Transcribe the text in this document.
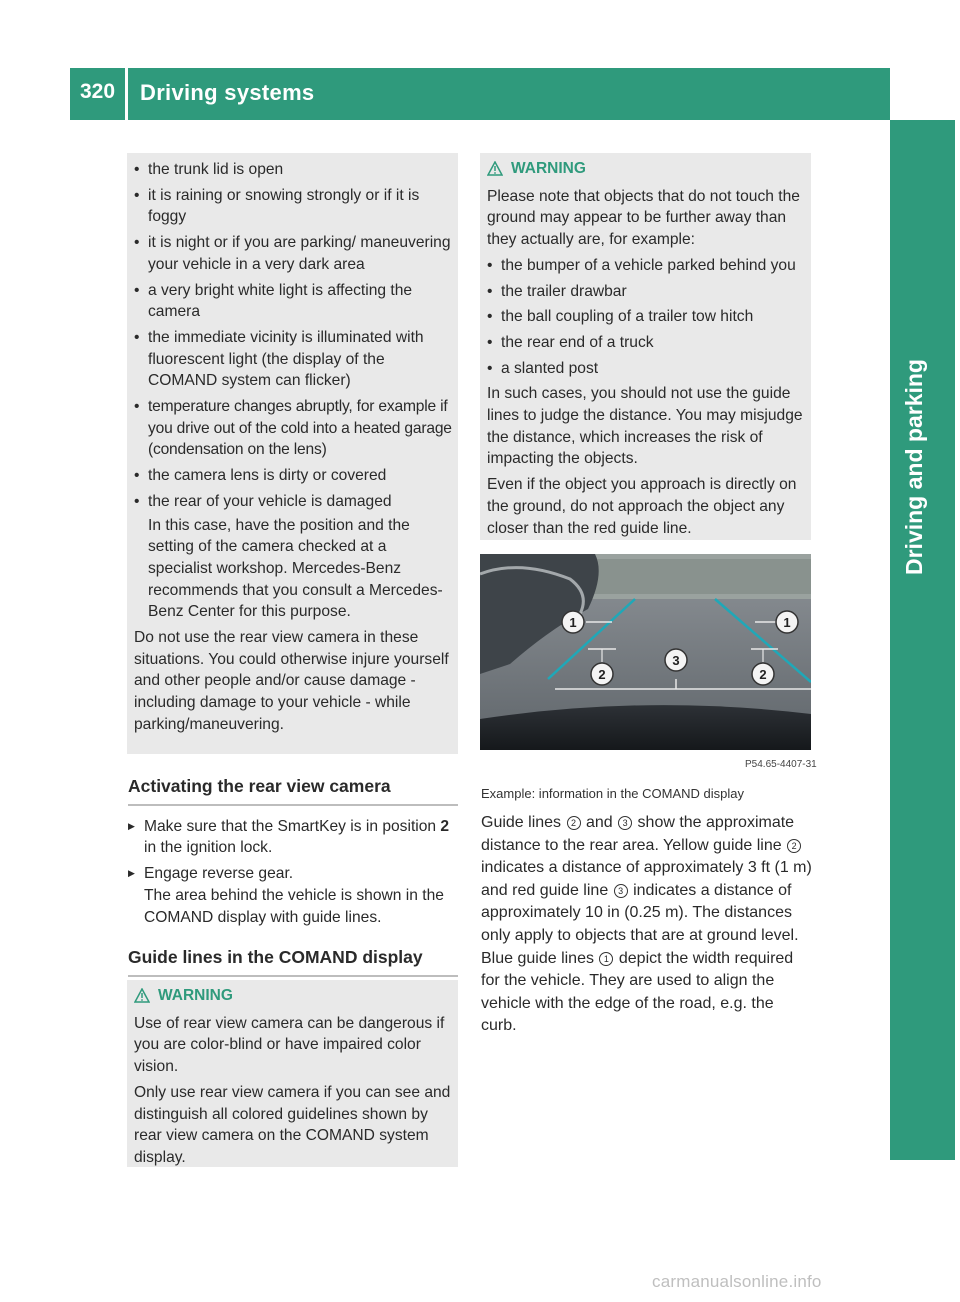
320	Driving systems
Driving and parking
• the trunk lid is open
• it is raining or snowing strongly or if it is foggy
• it is night or if you are parking/ maneuvering your vehicle in a very dark area
• a very bright white light is affecting the camera
• the immediate vicinity is illuminated with fluorescent light (the display of the COMAND system can flicker)
• temperature changes abruptly, for example if you drive out of the cold into a heated garage (condensation on the lens)
• the camera lens is dirty or covered
• the rear of your vehicle is damaged

In this case, have the position and the setting of the camera checked at a specialist workshop. Mercedes-Benz recommends that you consult a Mercedes-Benz Center for this purpose.

Do not use the rear view camera in these situations. You could otherwise injure yourself and other people and/or cause damage - including damage to your vehicle - while parking/maneuvering.

Activating the rear view camera
▶ Make sure that the SmartKey is in position 2 in the ignition lock.
▶ Engage reverse gear.

The area behind the vehicle is shown in the COMAND display with guide lines.

Guide lines in the COMAND display
WARNING

Use of rear view camera can be dangerous if you are color-blind or have impaired color vision.

Only use rear view camera if you can see and distinguish all colored guidelines shown by rear view camera on the COMAND system display.

WARNING

Please note that objects that do not touch the ground may appear to be further away than they actually are, for example:

• the bumper of a vehicle parked behind you
• the trailer drawbar
• the ball coupling of a trailer tow hitch
• the rear end of a truck
• a slanted post

In such cases, you should not use the guide lines to judge the distance. You may misjudge the distance, which increases the risk of impacting the objects.

Even if the object you approach is directly on the ground, do not approach the object any closer than the red guide line.

1	1
2
3
2
P54.65-4407-31
Example: information in the COMAND display
Guide lines 2 and 3 show the approximate distance to the rear area. Yellow guide line 2 indicates a distance of approximately 3 ft (1 m) and red guide line 3 indicates a distance of approximately 10 in (0.25 m). The distances only apply to objects that are at ground level. Blue guide lines 1 depict the width required for the vehicle. They are used to align the vehicle with the edge of the road, e.g. the curb.
carmanualsonline.info
